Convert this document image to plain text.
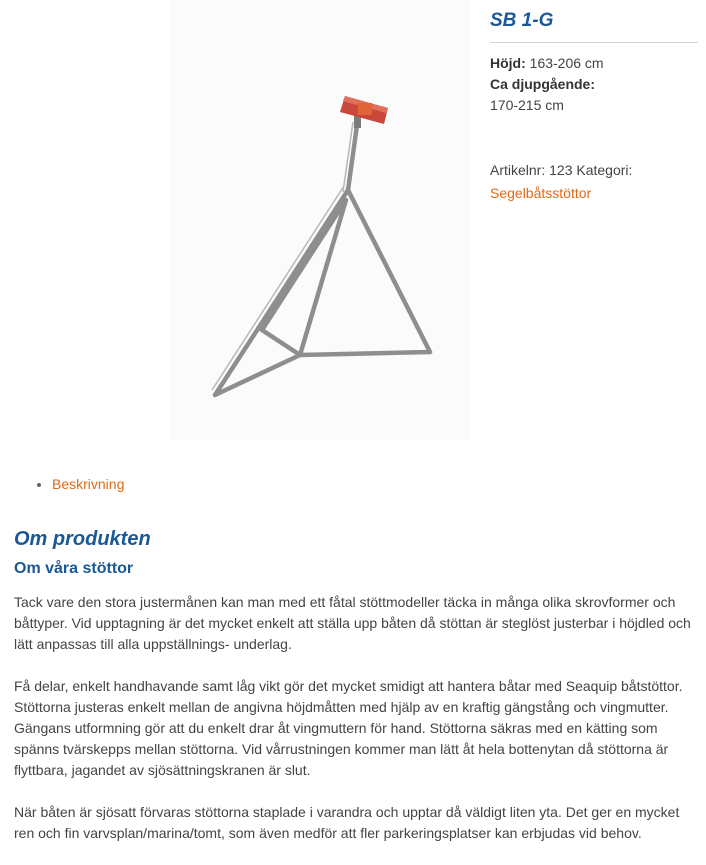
SB 1-G
Höjd: 163-206 cm
Ca djupgående:
170-215 cm
Artikelnr: 123 Kategori:
Segelbåtsstöttor
• Beskrivning
Om produkten
Om våra stöttor

Tack vare den stora justermånen kan man med ett fåtal stöttmodeller täcka in många olika skrovformer och båttyper. Vid upptagning är det mycket enkelt att ställa upp båten då stöttan är steglöst justerbar i höjdled och lätt anpassas till alla uppställnings- underlag.

Få delar, enkelt handhavande samt låg vikt gör det mycket smidigt att hantera båtar med Seaquip båtstöttor. Stöttorna justeras enkelt mellan de angivna höjdmåtten med hjälp av en kraftig gängstång och vingmutter. Gängans utformning gör att du enkelt drar åt vingmuttern för hand. Stöttorna säkras med en kätting som spänns tvärskepps mellan stöttorna. Vid vårrustningen kommer man lätt åt hela bottenytan då stöttorna är flyttbara, jagandet av sjösättningskranen är slut.

När båten är sjösatt förvaras stöttorna staplade i varandra och upptar då väldigt liten yta. Det ger en mycket ren och fin varvsplan/marina/tomt, som även medför att fler parkeringsplatser kan erbjudas vid behov.
